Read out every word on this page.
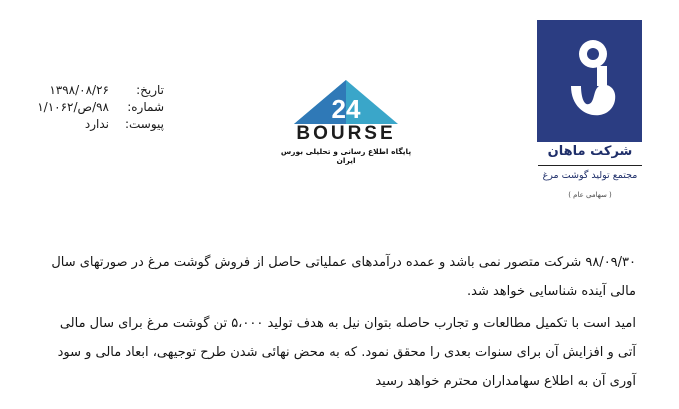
۱۳۹۸/۰۸/۲۶ تاریخ:
۹۸/ص/۱/۱۰۶۲ شماره:
ندارد پیوست:	24
BOURSE
پایگاه اطلاع رسانی و تحلیلی بورس ایران
شرکت ماهان
مجتمع تولید گوشت مرغ
( سهامی عام )
۹۸/۰۹/۳۰ شرکت متصور نمی باشد و عمده درآمدهای عملیاتی حاصل از فروش گوشت مرغ در صورتهای سال مالی آینده شناسایی خواهد شد.
امید است با تکمیل مطالعات و تجارب حاصله بتوان نیل به هدف تولید ۵،۰۰۰ تن گوشت مرغ برای سال مالی آتی و افزایش آن برای سنوات بعدی را محقق نمود. که به محض نهائی شدن طرح توجیهی، ابعاد مالی و سود آوری آن به اطلاع سهامداران محترم خواهد رسید
